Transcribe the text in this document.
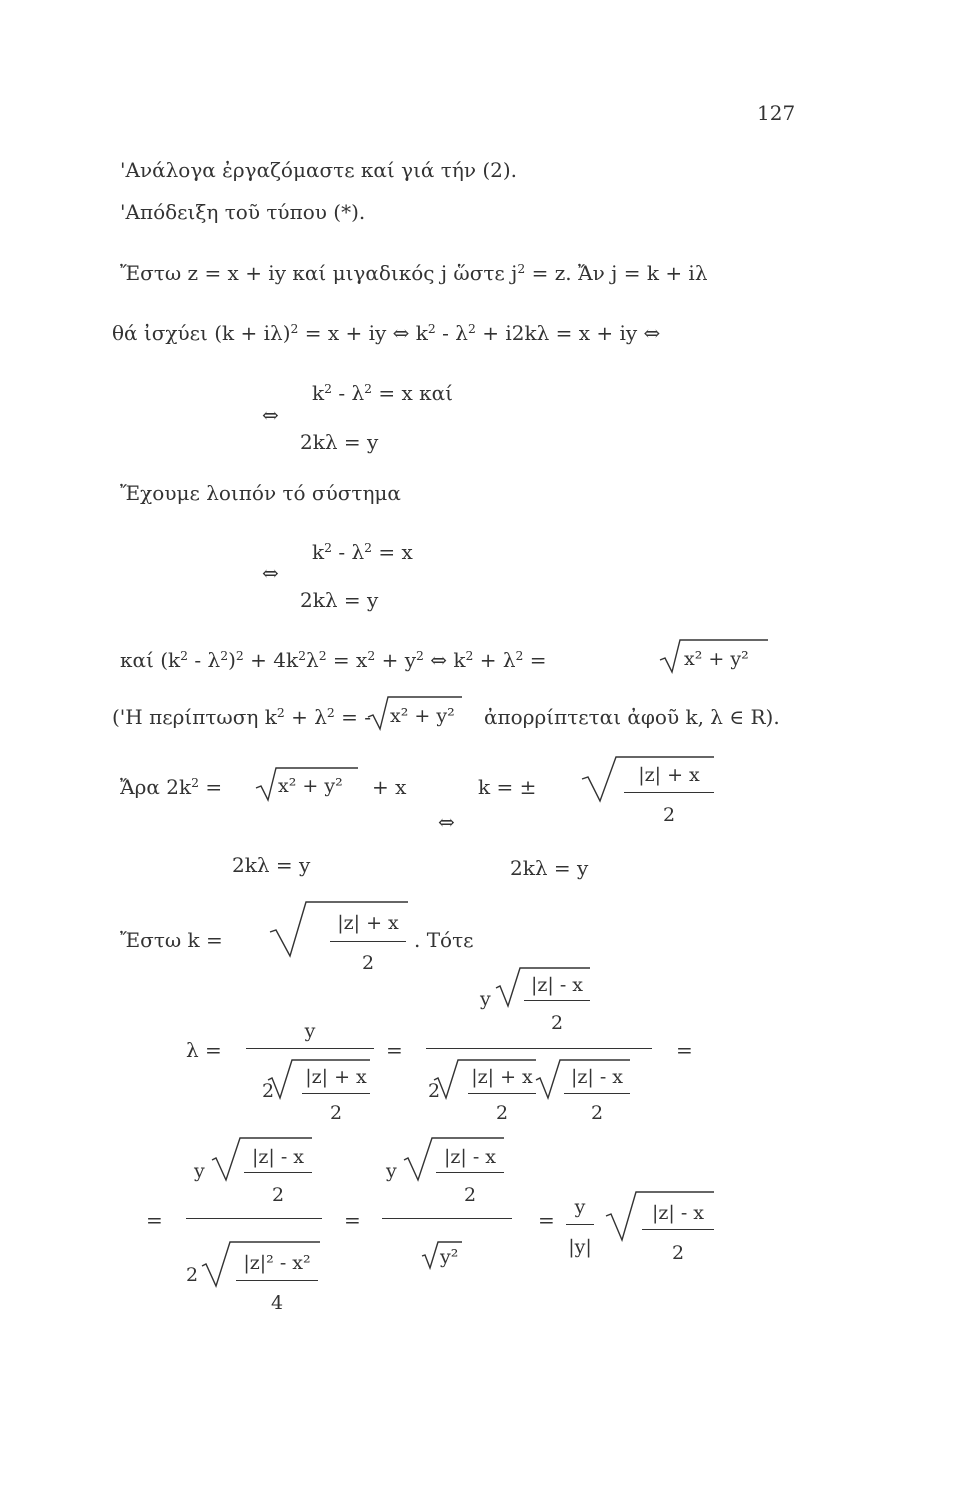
127
'Ανάλογα ἐργαζόμαστε καί γιά τήν (2).
'Απόδειξη τοῦ τύπου (*).
Ἔστω z = x + iy καί μιγαδικός j ὥστε $j^2 = z$. Ἄν j = k + iλ
θά ἰσχύει $(k + i\lambda)^2 = x$ + iy ⇔ $k^2 - \lambda^2 + i2k\lambda = x$ + iy ⇔
⇔
$k^2 - \lambda^2 = x$ καί
2kλ = y
Ἔχουμε λοιπόν τό σύστημα
⇔
$k^2 - \lambda^2 = x$
2kλ = y
καί $(k^2 - \lambda^2)^2 + 4k^2\lambda^2 = x^2 + y^2$ ⇔ $k^2 + \lambda^2$ =	x² + y²
('Η περίπτωση $k^2 + \lambda^2$ = - x² + y² ἀπορρίπτεται ἀφοῦ k, λ ∈ R).
Ἄρα $2k^2$ =	x² + y² + x	k = ±	|z| + x
2
⇔
2kλ = y	2kλ = y
Ἔστω k =
|z| + x
2
. Τότε
λ =
y
2
|z| + x
2
=
y
|z| - x
2
2
|z| + x
2
|z| - x
2
=
=
y
|z| - x
2
2
|z|² - x²
4
=
y
|z| - x
2
y²
=
y
|y|
|z| - x
2
